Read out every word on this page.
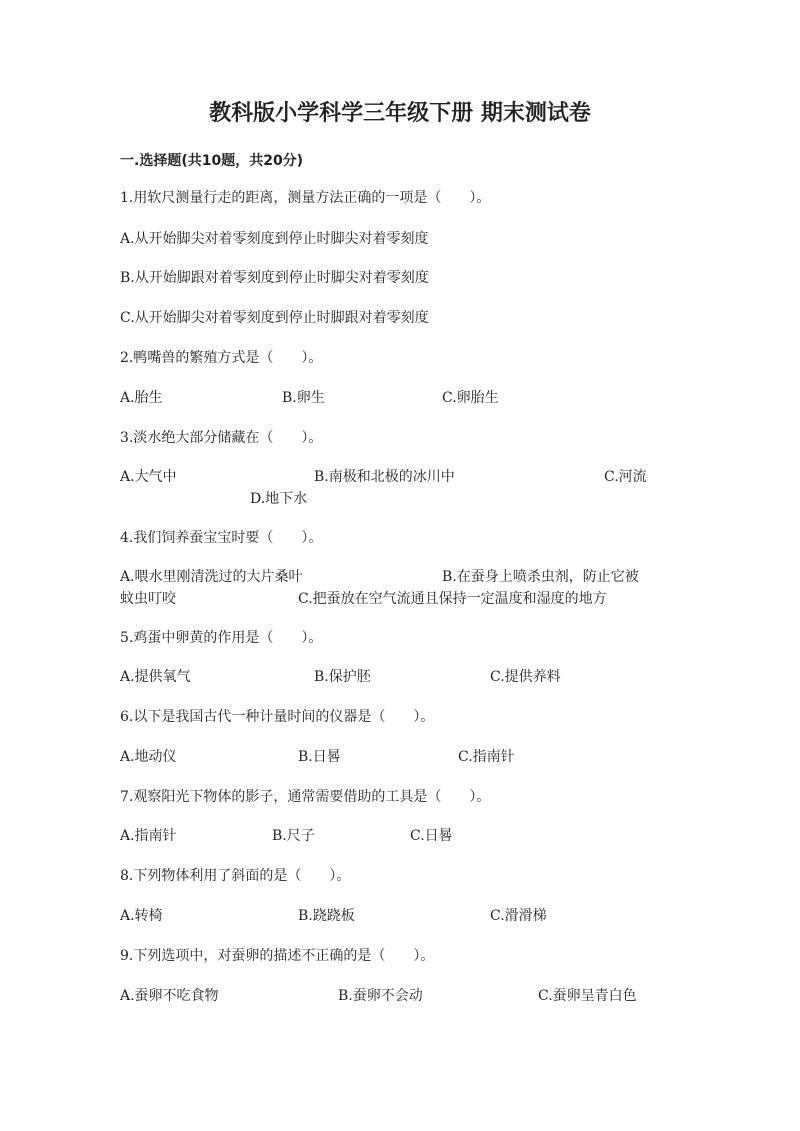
教科版小学科学三年级下册 期末测试卷
一.选择题(共10题，共20分)
1.用软尺测量行走的距离，测量方法正确的一项是（　　）。
A.从开始脚尖对着零刻度到停止时脚尖对着零刻度
B.从开始脚跟对着零刻度到停止时脚尖对着零刻度
C.从开始脚尖对着零刻度到停止时脚跟对着零刻度
2.鸭嘴兽的繁殖方式是（　　）。
A.胎生	B.卵生	C.卵胎生
3.淡水绝大部分储藏在（　　）。
A.大气中	B.南极和北极的冰川中	C.河流
D.地下水
4.我们饲养蚕宝宝时要（　　）。
A.喂水里刚清洗过的大片桑叶	B.在蚕身上喷杀虫剂，防止它被
蚊虫叮咬	C.把蚕放在空气流通且保持一定温度和湿度的地方
5.鸡蛋中卵黄的作用是（　　）。
A.提供氧气	B.保护胚	C.提供养料
6.以下是我国古代一种计量时间的仪器是（　　）。
A.地动仪	B.日晷	C.指南针
7.观察阳光下物体的影子，通常需要借助的工具是（　　）。
A.指南针	B.尺子	C.日晷
8.下列物体利用了斜面的是（　　）。
A.转椅	B.跷跷板	C.滑滑梯
9.下列选项中，对蚕卵的描述不正确的是（　　）。
A.蚕卵不吃食物	B.蚕卵不会动	C.蚕卵呈青白色
